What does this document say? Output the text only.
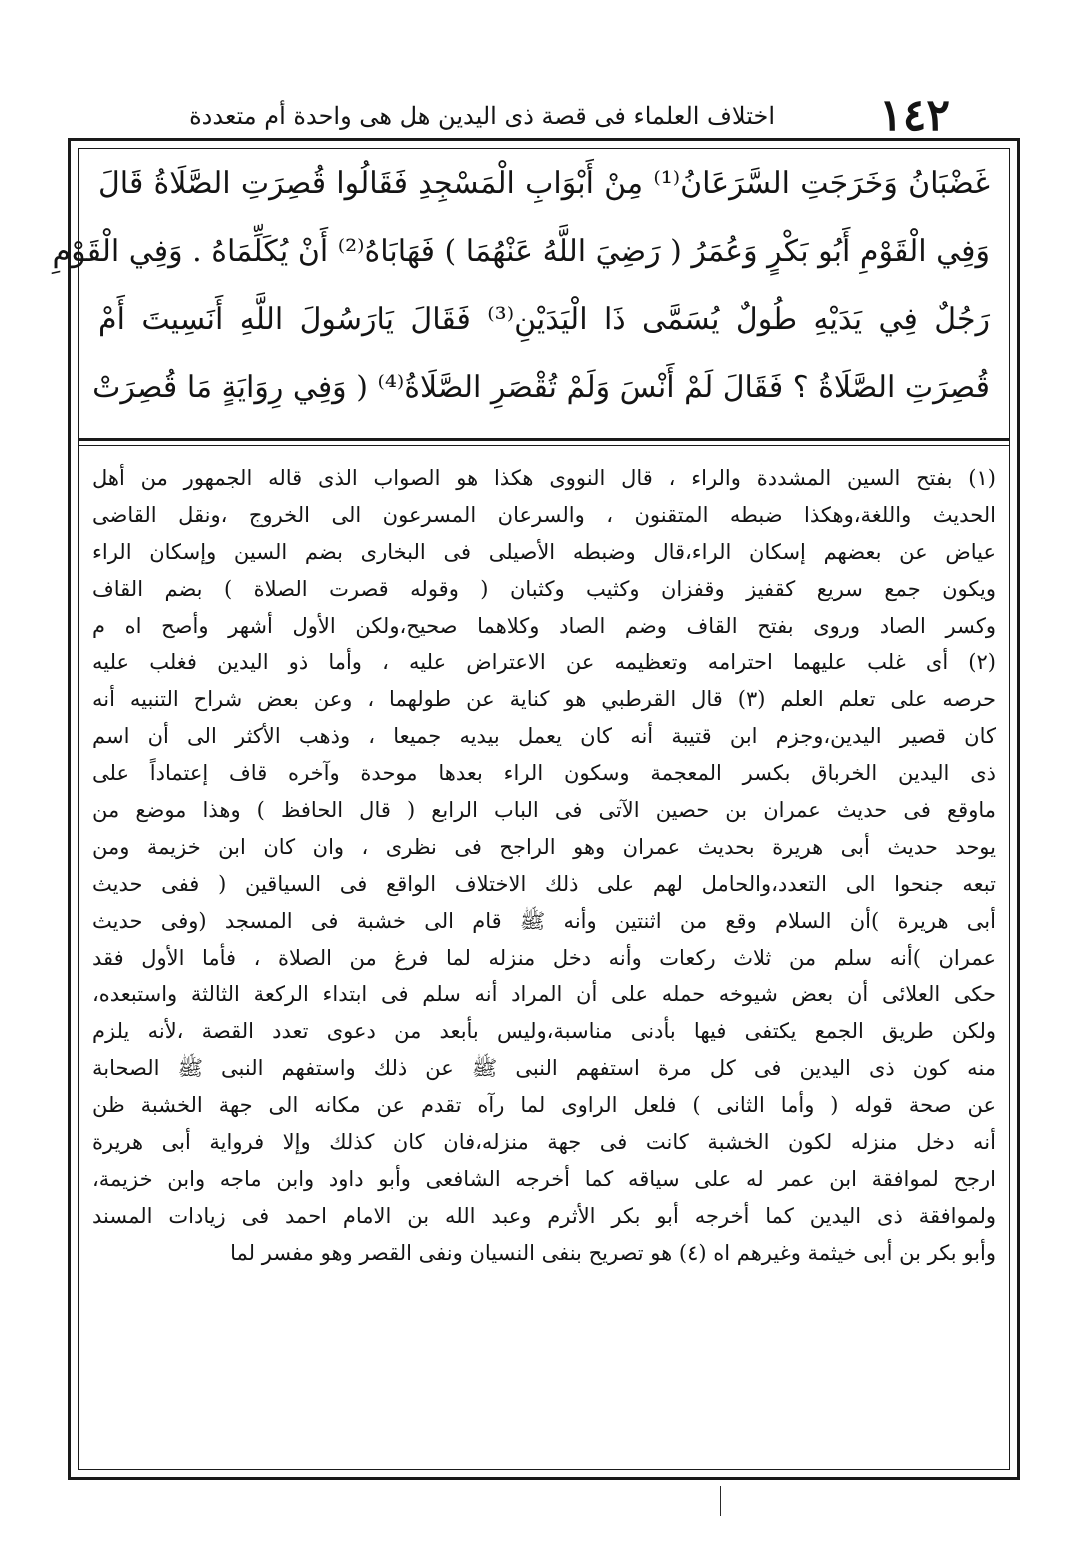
١٤٢
اختلاف العلماء فى قصة ذى اليدين هل هى واحدة أم متعددة
غَضْبَانُ وَخَرَجَتِ السَّرَعَانُ⁽¹⁾ مِنْ أَبْوَابِ الْمَسْجِدِ فَقَالُوا قُصِرَتِ الصَّلَاةُ قَالَ
وَفِي الْقَوْمِ أَبُو بَكْرٍ وَعُمَرُ ( رَضِيَ اللَّهُ عَنْهُمَا ) فَهَابَاهُ⁽²⁾ أَنْ يُكَلِّمَاهُ . وَفِي الْقَوْمِ
رَجُلٌ فِي يَدَيْهِ طُولٌ يُسَمَّى ذَا الْيَدَيْنِ⁽³⁾ فَقَالَ يَارَسُولَ اللَّهِ أَنَسِيتَ أَمْ
قُصِرَتِ الصَّلَاةُ ؟ فَقَالَ لَمْ أَنْسَ وَلَمْ تُقْصَرِ الصَّلَاةُ⁽⁴⁾ ( وَفِي رِوَايَةٍ مَا قُصِرَتْ
(١) بفتح السين المشددة والراء ، قال النووى هكذا هو الصواب الذى قاله الجمهور من أهل
الحديث واللغة،وهكذا ضبطه المتقنون ، والسرعان المسرعون الى الخروج ،ونقل القاضى
عياض عن بعضهم إسكان الراء،قال وضبطه الأصيلى فى البخارى بضم السين وإسكان الراء
ويكون جمع سريع كقفيز وقفزان وكثيب وكثبان ( وقوله قصرت الصلاة ) بضم القاف
وكسر الصاد وروى بفتح القاف وضم الصاد وكلاهما صحيح،ولكن الأول أشهر وأصح اه م
(٢) أى غلب عليهما احترامه وتعظيمه عن الاعتراض عليه ، وأما ذو اليدين فغلب عليه
حرصه على تعلم العلم (٣) قال القرطبي هو كناية عن طولهما ، وعن بعض شراح التنبيه أنه
كان قصير اليدين،وجزم ابن قتيبة أنه كان يعمل بيديه جميعا ، وذهب الأكثر الى أن اسم
ذى اليدين الخرباق بكسر المعجمة وسكون الراء بعدها موحدة وآخره قاف إعتماداً على
ماوقع فى حديث عمران بن حصين الآتى فى الباب الرابع ( قال الحافظ ) وهذا موضع من
يوحد حديث أبى هريرة بحديث عمران وهو الراجح فى نظرى ، وان كان ابن خزيمة ومن
تبعه جنحوا الى التعدد،والحامل لهم على ذلك الاختلاف الواقع فى السياقين ( ففى حديث
أبى هريرة )أن السلام وقع من اثنتين وأنه ﷺ قام الى خشبة فى المسجد (وفى حديث
عمران )أنه سلم من ثلاث ركعات وأنه دخل منزله لما فرغ من الصلاة ، فأما الأول فقد
حكى العلائى أن بعض شيوخه حمله على أن المراد أنه سلم فى ابتداء الركعة الثالثة واستبعده،
ولكن طريق الجمع يكتفى فيها بأدنى مناسبة،وليس بأبعد من دعوى تعدد القصة ،لأنه يلزم
منه كون ذى اليدين فى كل مرة استفهم النبى ﷺ عن ذلك واستفهم النبى ﷺ الصحابة
عن صحة قوله ( وأما الثانى ) فلعل الراوى لما رآه تقدم عن مكانه الى جهة الخشبة ظن
أنه دخل منزله لكون الخشبة كانت فى جهة منزله،فان كان كذلك وإلا فرواية أبى هريرة
ارجح لموافقة ابن عمر له على سياقه كما أخرجه الشافعى وأبو داود وابن ماجه وابن خزيمة،
ولموافقة ذى اليدين كما أخرجه أبو بكر الأثرم وعبد الله بن الامام احمد فى زيادات المسند
وأبو بكر بن أبى خيثمة وغيرهم اه (٤) هو تصريح بنفى النسيان ونفى القصر وهو مفسر لما
